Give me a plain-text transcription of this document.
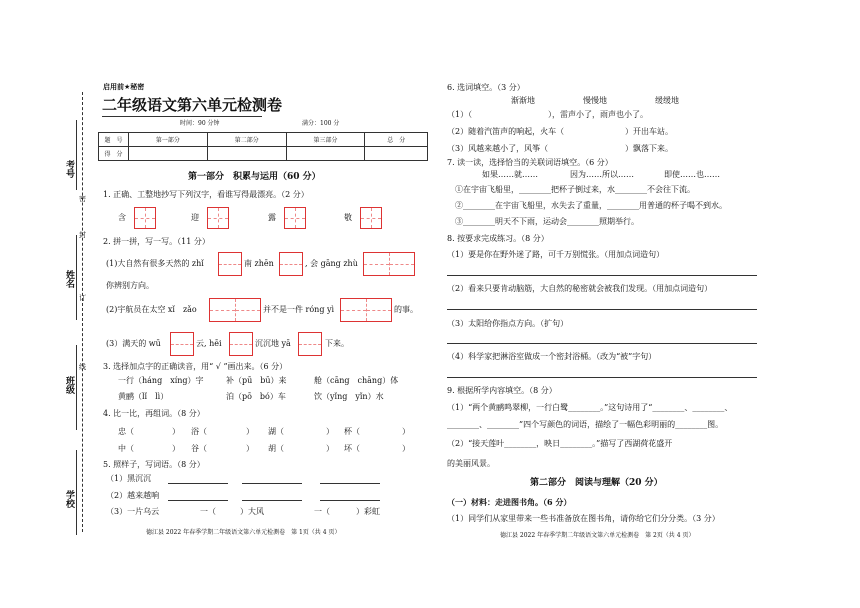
考号
姓名
班级
学校
密
封
订
线
启用前★秘密
二年级语文第六单元检测卷
时间：90 分钟	满分：100 分
题　号	第一部分	第二部分	第三部分	总　分
得　分				
第一部分　积累与运用（60 分）
1. 正确、工整地抄写下列汉字，看谁写得最漂亮。（2 分）
含	迎	露	敬
2. 拼一拼，写一写。（11 分）
(1)大自然有很多天然的 zhǐ	南 zhēn	, 会 gāng zhù
你辨别方向。
(2)宇航员在太空 xǐ　zǎo	并不是一件 róng yì	的事。
(3）满天的 wū	云, hēi	沉沉地 yā	下来。
3. 选择加点字的正确读音，用“ √ ”画出来。（6 分）
一行（háng　xíng）字	补（pū　bū）来	舱（cāng　chāng）体
黄鹂（lǐ　lì）	泊（pō　bó）车	饮（yǐng　yǐn）水
4. 比一比，再组词。（8 分）
忠（	） 浴（	） 湖（	） 杯（	）
中（	） 谷（	） 胡（	） 坏（	）
5. 照样子，写词语。（8 分）
（1）黑沉沉
（2）越来越响
（3）一片乌云	一（	）大风	一（	）彩虹
德江县 2022 年春季学期二年级语文第六单元检测卷　第 1页（共 4 页）
6. 选词填空。（3 分）
渐渐地	慢慢地	缓缓地
（1）（	），雷声小了，雨声也小了。
（2）随着汽笛声的响起，火车（	）开出车站。
（3）风越来越小了，风筝（	）飘落下来。
7. 读一读，选择恰当的关联词语填空。（6 分）
如果……就……	因为……所以……	即使……也……
①在宇宙飞船里，________把杯子倒过来，水________不会往下流。
②________在宇宙飞船里，水失去了重量，________用普通的杯子喝不到水。
③________明天不下雨，运动会________照期举行。
8. 按要求完成练习。（8 分）
（1）要是你在野外迷了路，可千万别慌张。（用加点词造句）
（2）看来只要肯动脑筋，大自然的秘密就会被我们发现。（用加点词造句）
（3）太阳给你指点方向。（扩句）
（4）科学家把淋浴室做成一个密封浴桶。（改为“被”字句）
9. 根据所学内容填空。（8 分）
（1）“两个黄鹂鸣翠柳，一行白鹭________。”这句诗用了“________、________、
________、________”四个写颜色的词语，描绘了一幅色彩明丽的________图。
（2）“接天莲叶________，映日________。”描写了西湖荷花盛开
的美丽风景。
第二部分　阅读与理解（20 分）
（一）材料：走进图书角。（6 分）
（1）同学们从家里带来一些书准备放在图书角，请你给它们分分类。（3 分）
德江县 2022 年春季学期二年级语文第六单元检测卷　第 2页（共 4 页）
